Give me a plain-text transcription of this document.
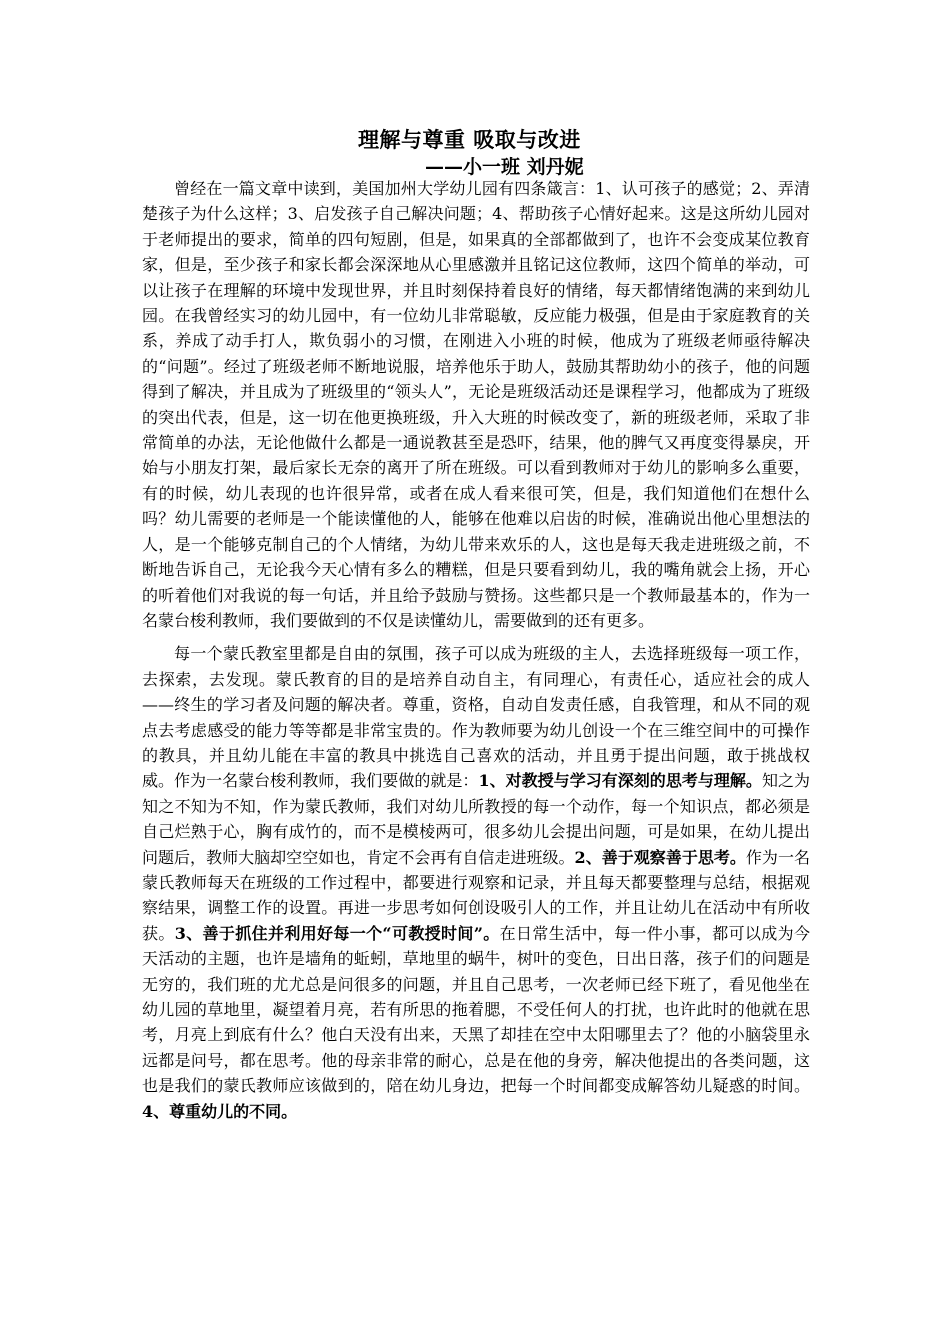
理解与尊重 吸取与改进
——小一班 刘丹妮

曾经在一篇文章中读到，美国加州大学幼儿园有四条箴言：1、认可孩子的感觉；2、弄清楚孩子为什么这样；3、启发孩子自己解决问题；4、帮助孩子心情好起来。这是这所幼儿园对于老师提出的要求，简单的四句短剧，但是，如果真的全部都做到了，也许不会变成某位教育家，但是，至少孩子和家长都会深深地从心里感激并且铭记这位教师，这四个简单的举动，可以让孩子在理解的环境中发现世界，并且时刻保持着良好的情绪，每天都情绪饱满的来到幼儿园。在我曾经实习的幼儿园中，有一位幼儿非常聪敏，反应能力极强，但是由于家庭教育的关系，养成了动手打人，欺负弱小的习惯，在刚进入小班的时候，他成为了班级老师亟待解决的“问题”。经过了班级老师不断地说服，培养他乐于助人，鼓励其帮助幼小的孩子，他的问题得到了解决，并且成为了班级里的“领头人”，无论是班级活动还是课程学习，他都成为了班级的突出代表，但是，这一切在他更换班级，升入大班的时候改变了，新的班级老师，采取了非常简单的办法，无论他做什么都是一通说教甚至是恐吓，结果，他的脾气又再度变得暴戾，开始与小朋友打架，最后家长无奈的离开了所在班级。可以看到教师对于幼儿的影响多么重要，有的时候，幼儿表现的也许很异常，或者在成人看来很可笑，但是，我们知道他们在想什么吗？幼儿需要的老师是一个能读懂他的人，能够在他难以启齿的时候，准确说出他心里想法的人，是一个能够克制自己的个人情绪，为幼儿带来欢乐的人，这也是每天我走进班级之前，不断地告诉自己，无论我今天心情有多么的糟糕，但是只要看到幼儿，我的嘴角就会上扬，开心的听着他们对我说的每一句话，并且给予鼓励与赞扬。这些都只是一个教师最基本的，作为一名蒙台梭利教师，我们要做到的不仅是读懂幼儿，需要做到的还有更多。

每一个蒙氏教室里都是自由的氛围，孩子可以成为班级的主人，去选择班级每一项工作，去探索，去发现。蒙氏教育的目的是培养自动自主，有同理心，有责任心，适应社会的成人——终生的学习者及问题的解决者。尊重，资格，自动自发责任感，自我管理，和从不同的观点去考虑感受的能力等等都是非常宝贵的。作为教师要为幼儿创设一个在三维空间中的可操作的教具，并且幼儿能在丰富的教具中挑选自己喜欢的活动，并且勇于提出问题，敢于挑战权威。作为一名蒙台梭利教师，我们要做的就是：1、对教授与学习有深刻的思考与理解。知之为知之不知为不知，作为蒙氏教师，我们对幼儿所教授的每一个动作，每一个知识点，都必须是自己烂熟于心，胸有成竹的，而不是模棱两可，很多幼儿会提出问题，可是如果，在幼儿提出问题后，教师大脑却空空如也，肯定不会再有自信走进班级。2、善于观察善于思考。作为一名蒙氏教师每天在班级的工作过程中，都要进行观察和记录，并且每天都要整理与总结，根据观察结果，调整工作的设置。再进一步思考如何创设吸引人的工作，并且让幼儿在活动中有所收获。3、善于抓住并利用好每一个“可教授时间”。在日常生活中，每一件小事，都可以成为今天活动的主题，也许是墙角的蚯蚓，草地里的蜗牛，树叶的变色，日出日落，孩子们的问题是无穷的，我们班的尤尤总是问很多的问题，并且自己思考，一次老师已经下班了，看见他坐在幼儿园的草地里，凝望着月亮，若有所思的拖着腮，不受任何人的打扰，也许此时的他就在思考，月亮上到底有什么？他白天没有出来，天黑了却挂在空中太阳哪里去了？他的小脑袋里永远都是问号，都在思考。他的母亲非常的耐心，总是在他的身旁，解决他提出的各类问题，这也是我们的蒙氏教师应该做到的，陪在幼儿身边，把每一个时间都变成解答幼儿疑惑的时间。4、尊重幼儿的不同。
